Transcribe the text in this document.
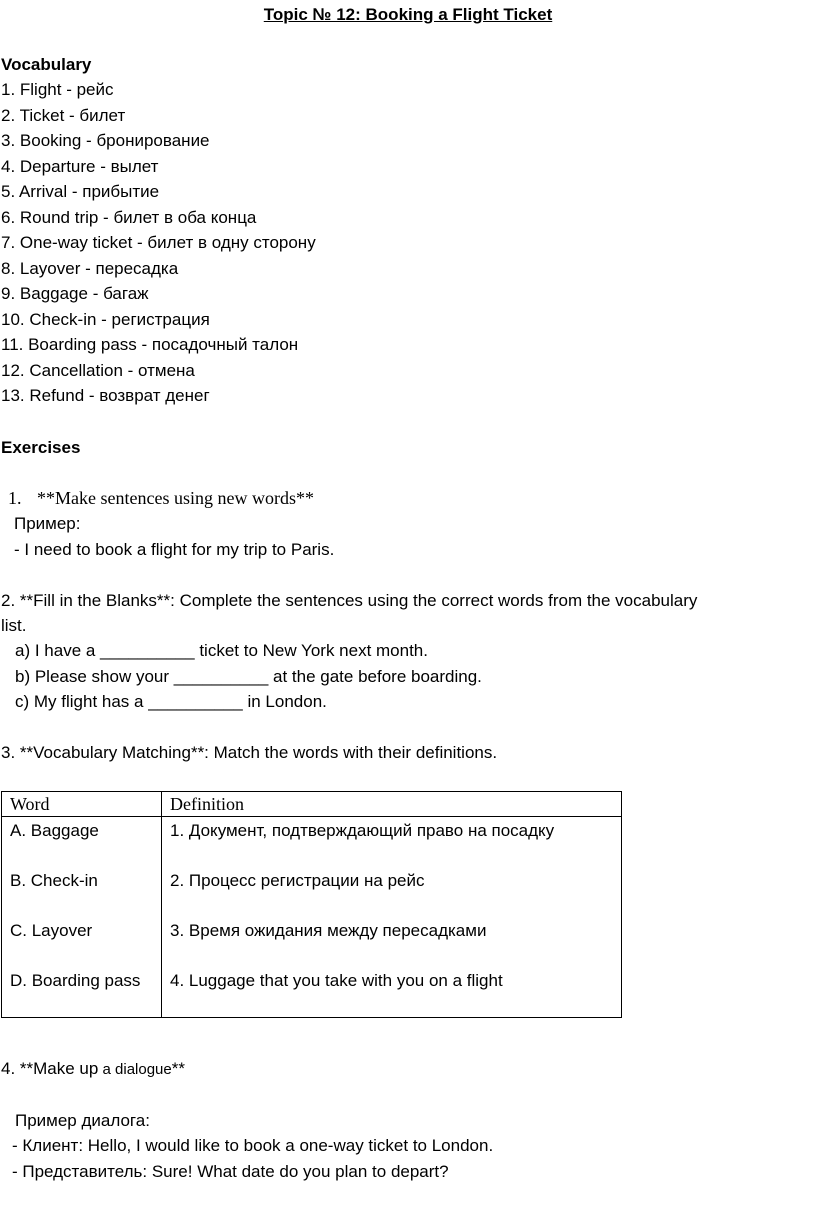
Topic № 12: Booking a Flight Ticket
Vocabulary
1. Flight - рейс
2. Ticket - билет
3. Booking - бронирование
4. Departure - вылет
5. Arrival - прибытие
6. Round trip - билет в оба конца
7. One-way ticket - билет в одну сторону
8. Layover - пересадка
9. Baggage - багаж
10. Check-in - регистрация
11. Boarding pass - посадочный талон
12. Cancellation - отмена
13. Refund - возврат денег
Exercises
1. **Make sentences using new words**
Пример:
- I need to book a flight for my trip to Paris.
2. **Fill in the Blanks**: Complete the sentences using the correct words from the vocabulary
list.
a) I have a __________ ticket to New York next month.
b) Please show your __________ at the gate before boarding.
c) My flight has a __________ in London.
3. **Vocabulary Matching**: Match the words with their definitions.
Word	Definition

A. Baggage	1. Документ, подтверждающий право на посадку

B. Check-in	2. Процесс регистрации на рейс

C. Layover	3. Время ожидания между пересадками

D. Boarding pass	4. Luggage that you take with you on a flight
4. **Make up a dialogue**
Пример диалога:
- Клиент: Hello, I would like to book a one-way ticket to London.
- Представитель: Sure! What date do you plan to depart?
